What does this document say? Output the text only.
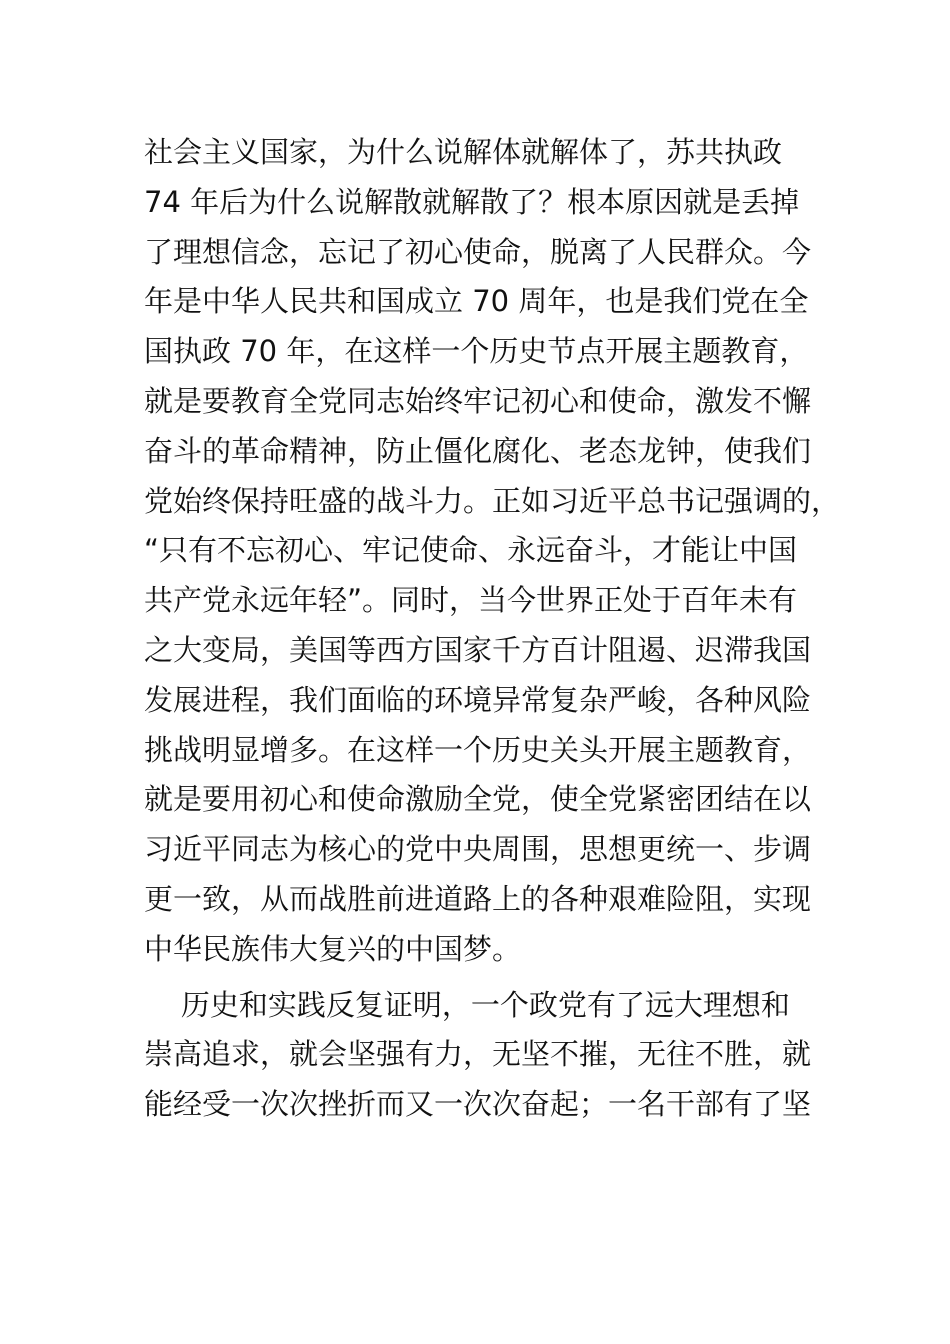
社会主义国家，为什么说解体就解体了，苏共执政
74 年后为什么说解散就解散了？根本原因就是丢掉
了理想信念，忘记了初心使命，脱离了人民群众。今
年是中华人民共和国成立 70 周年，也是我们党在全
国执政 70 年，在这样一个历史节点开展主题教育，
就是要教育全党同志始终牢记初心和使命，激发不懈
奋斗的革命精神，防止僵化腐化、老态龙钟，使我们
党始终保持旺盛的战斗力。正如习近平总书记强调的，
“只有不忘初心、牢记使命、永远奋斗，才能让中国
共产党永远年轻”。同时，当今世界正处于百年未有
之大变局，美国等西方国家千方百计阻遏、迟滞我国
发展进程，我们面临的环境异常复杂严峻，各种风险
挑战明显增多。在这样一个历史关头开展主题教育，
就是要用初心和使命激励全党，使全党紧密团结在以
习近平同志为核心的党中央周围，思想更统一、步调
更一致，从而战胜前进道路上的各种艰难险阻，实现
中华民族伟大复兴的中国梦。
历史和实践反复证明，一个政党有了远大理想和
崇高追求，就会坚强有力，无坚不摧，无往不胜，就
能经受一次次挫折而又一次次奋起；一名干部有了坚
